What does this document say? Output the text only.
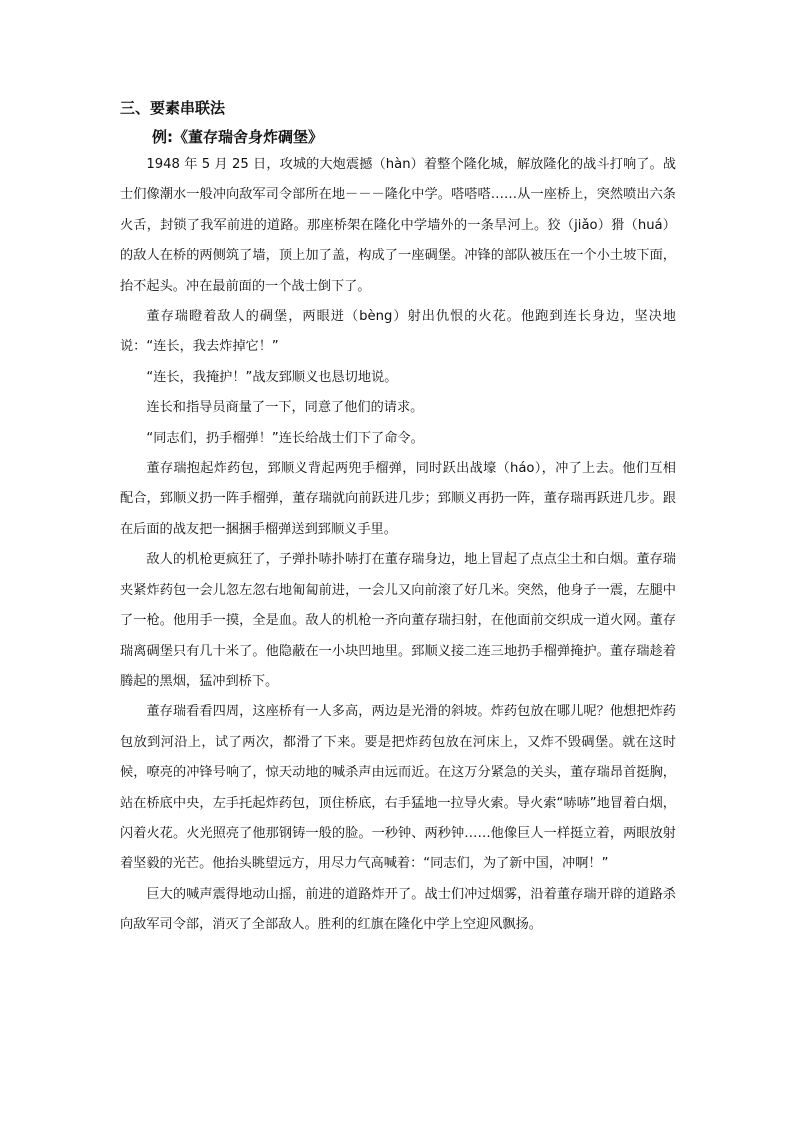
三、要素串联法
例:《董存瑞舍身炸碉堡》

1948 年 5 月 25 日，攻城的大炮震撼（hàn）着整个隆化城，解放隆化的战斗打响了。战士们像潮水一般冲向敌军司令部所在地－－－隆化中学。嗒嗒嗒……从一座桥上，突然喷出六条火舌，封锁了我军前进的道路。那座桥架在隆化中学墙外的一条旱河上。狡（jiǎo）猾（huá）的敌人在桥的两侧筑了墙，顶上加了盖，构成了一座碉堡。冲锋的部队被压在一个小土坡下面，抬不起头。冲在最前面的一个战士倒下了。

董存瑞瞪着敌人的碉堡，两眼迸（bèng）射出仇恨的火花。他跑到连长身边，坚决地说：“连长，我去炸掉它！”

“连长，我掩护！”战友郅顺义也恳切地说。

连长和指导员商量了一下，同意了他们的请求。

“同志们，扔手榴弹！”连长给战士们下了命令。

董存瑞抱起炸药包，郅顺义背起两兜手榴弹，同时跃出战壕（háo），冲了上去。他们互相配合，郅顺义扔一阵手榴弹，董存瑞就向前跃进几步；郅顺义再扔一阵，董存瑞再跃进几步。跟在后面的战友把一捆捆手榴弹送到郅顺义手里。

敌人的机枪更疯狂了，子弹扑哧扑哧打在董存瑞身边，地上冒起了点点尘土和白烟。董存瑞夹紧炸药包一会儿忽左忽右地匍匐前进，一会儿又向前滚了好几米。突然，他身子一震，左腿中了一枪。他用手一摸，全是血。敌人的机枪一齐向董存瑞扫射，在他面前交织成一道火网。董存瑞离碉堡只有几十米了。他隐蔽在一小块凹地里。郅顺义接二连三地扔手榴弹掩护。董存瑞趁着腾起的黑烟，猛冲到桥下。

董存瑞看看四周，这座桥有一人多高，两边是光滑的斜坡。炸药包放在哪儿呢？他想把炸药包放到河沿上，试了两次，都滑了下来。要是把炸药包放在河床上，又炸不毁碉堡。就在这时候，嘹亮的冲锋号响了，惊天动地的喊杀声由远而近。在这万分紧急的关头，董存瑞昂首挺胸，站在桥底中央，左手托起炸药包，顶住桥底，右手猛地一拉导火索。导火索“哧哧”地冒着白烟，闪着火花。火光照亮了他那钢铸一般的脸。一秒钟、两秒钟……他像巨人一样挺立着，两眼放射着坚毅的光芒。他抬头眺望远方，用尽力气高喊着：“同志们，为了新中国，冲啊！”

巨大的喊声震得地动山摇，前进的道路炸开了。战士们冲过烟雾，沿着董存瑞开辟的道路杀向敌军司令部，消灭了全部敌人。胜利的红旗在隆化中学上空迎风飘扬。
